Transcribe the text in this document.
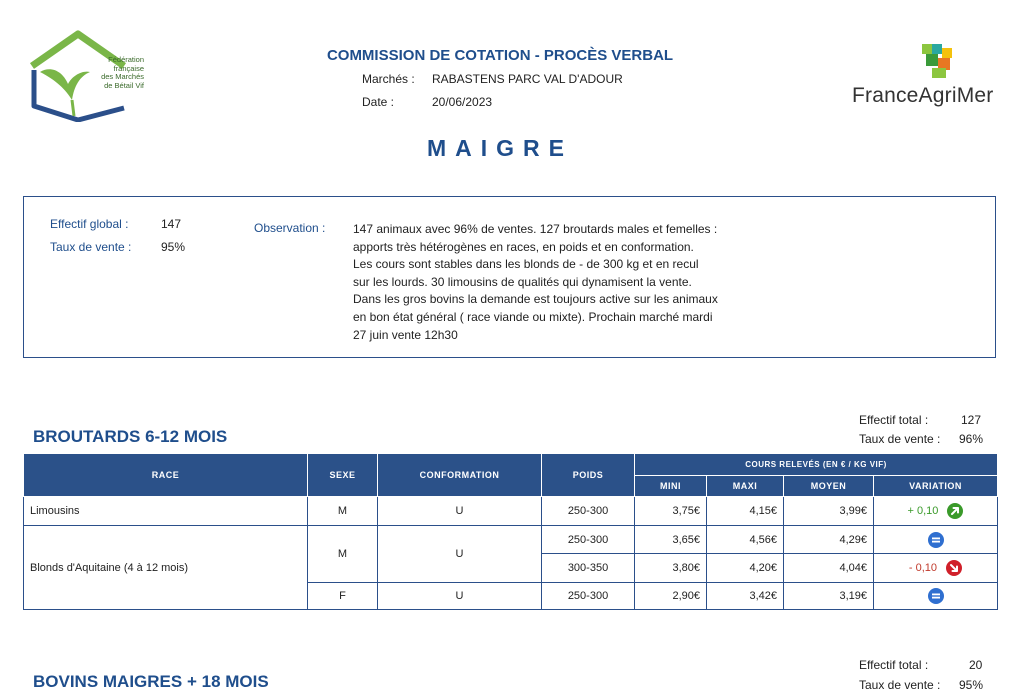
Fédération
française
des Marchés
de Bétail Vif
COMMISSION DE COTATION - PROCÈS VERBAL
Marchés : RABASTENS PARC VAL D'ADOUR
Date :	20/06/2023	FranceAgriMer
MAIGRE
Effectif global :	147
Taux de vente : 95%
Observation : 147 animaux avec 96% de ventes. 127 broutards males et femelles :
apports très hétérogènes en races, en poids et en conformation.
Les cours sont stables dans les blonds de - de 300 kg et en recul
sur les lourds. 30 limousins de qualités qui dynamisent la vente.
Dans les gros bovins la demande est toujours active sur les animaux
en bon état général ( race viande ou mixte). Prochain marché mardi
27 juin vente 12h30
BROUTARDS 6-12 MOIS
Effectif total :	127
Taux de vente : 96%
RACE	SEXE	CONFORMATION	POIDS	COURS RELEVÉS (EN € / KG VIF)			
				MINI	MAXI	MOYEN	VARIATION
Limousins	M	U	250-300	3,75€	4,15€	3,99€	+ 0,10
Blonds d'Aquitaine (4 à 12 mois)	M	U	250-300	3,65€	4,56€	4,29€	
			300-350	3,80€	4,20€	4,04€	- 0,10
	F	U	250-300	2,90€	3,42€	3,19€	
BOVINS MAIGRES + 18 MOIS
Effectif total :	20
Taux de vente : 95%
